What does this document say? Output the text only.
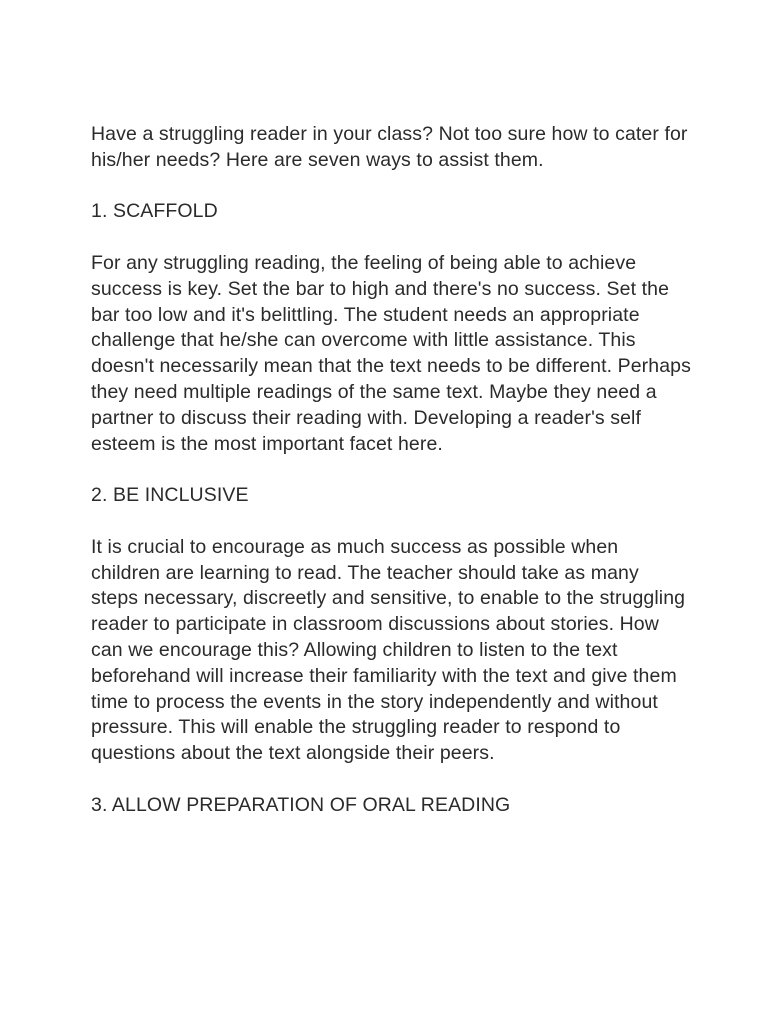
Have a struggling reader in your class? Not too sure how to cater for his/her needs? Here are seven ways to assist them.

1. SCAFFOLD

For any struggling reading, the feeling of being able to achieve success is key. Set the bar to high and there's no success. Set the bar too low and it's belittling. The student needs an appropriate challenge that he/she can overcome with little assistance. This doesn't necessarily mean that the text needs to be different. Perhaps they need multiple readings of the same text. Maybe they need a partner to discuss their reading with. Developing a reader's self esteem is the most important facet here.

2. BE INCLUSIVE

It is crucial to encourage as much success as possible when children are learning to read. The teacher should take as many steps necessary, discreetly and sensitive, to enable to the struggling reader to participate in classroom discussions about stories. How can we encourage this? Allowing children to listen to the text beforehand will increase their familiarity with the text and give them time to process the events in the story independently and without pressure. This will enable the struggling reader to respond to questions about the text alongside their peers.

3. ALLOW PREPARATION OF ORAL READING
